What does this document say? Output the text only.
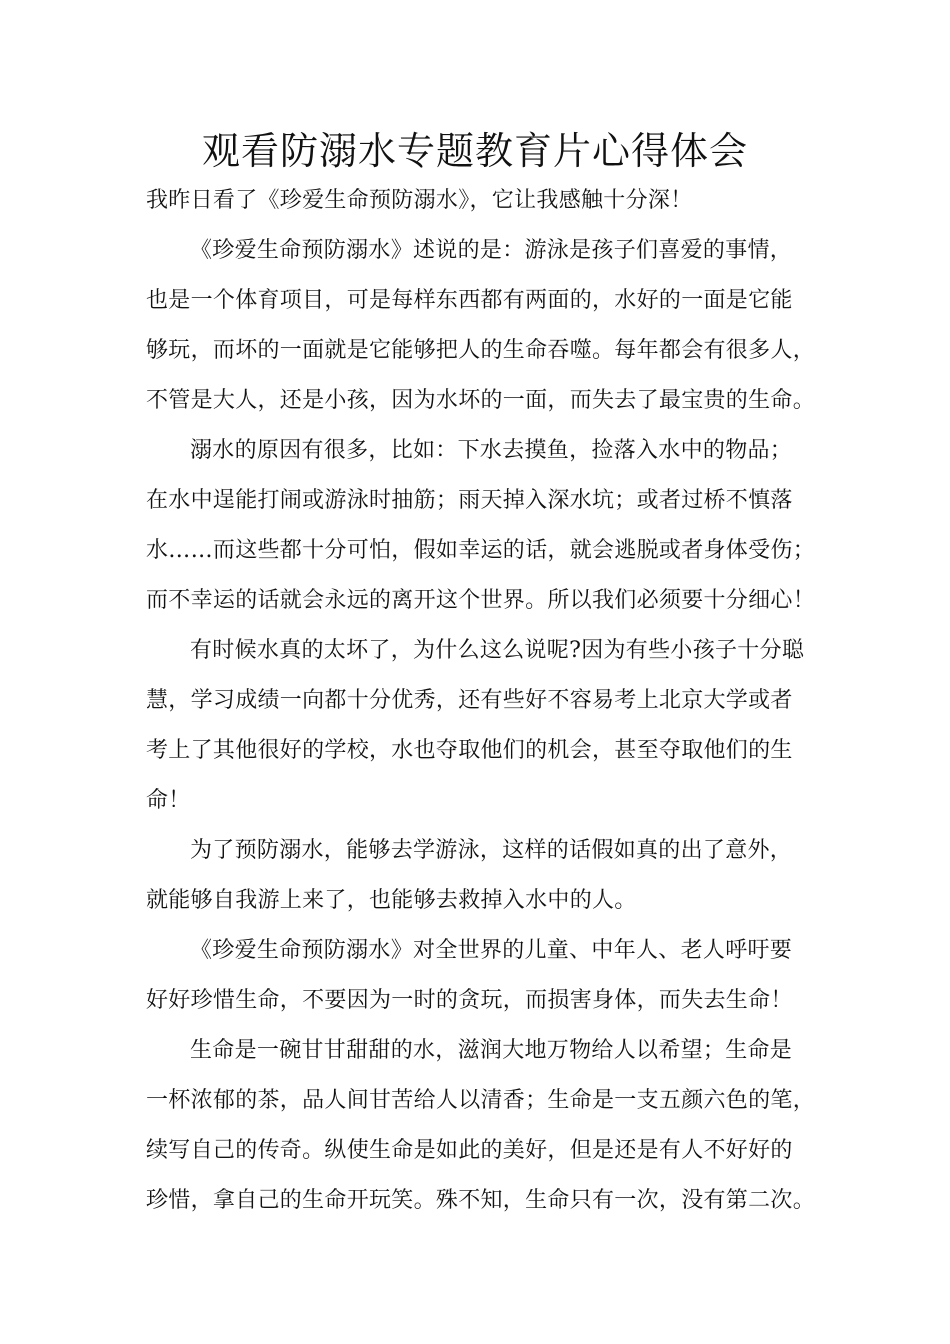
观看防溺水专题教育片心得体会
我昨日看了《珍爱生命预防溺水》，它让我感触十分深！
《珍爱生命预防溺水》述说的是：游泳是孩子们喜爱的事情，
也是一个体育项目，可是每样东西都有两面的，水好的一面是它能
够玩，而坏的一面就是它能够把人的生命吞噬。每年都会有很多人，
不管是大人，还是小孩，因为水坏的一面，而失去了最宝贵的生命。
溺水的原因有很多，比如：下水去摸鱼，捡落入水中的物品；
在水中逞能打闹或游泳时抽筋；雨天掉入深水坑；或者过桥不慎落
水……而这些都十分可怕，假如幸运的话，就会逃脱或者身体受伤；
而不幸运的话就会永远的离开这个世界。所以我们必须要十分细心！
有时候水真的太坏了，为什么这么说呢?因为有些小孩子十分聪
慧，学习成绩一向都十分优秀，还有些好不容易考上北京大学或者
考上了其他很好的学校，水也夺取他们的机会，甚至夺取他们的生
命！
为了预防溺水，能够去学游泳，这样的话假如真的出了意外，
就能够自我游上来了，也能够去救掉入水中的人。
《珍爱生命预防溺水》对全世界的儿童、中年人、老人呼吁要
好好珍惜生命，不要因为一时的贪玩，而损害身体，而失去生命！
生命是一碗甘甘甜甜的水，滋润大地万物给人以希望；生命是
一杯浓郁的茶，品人间甘苦给人以清香；生命是一支五颜六色的笔，
续写自己的传奇。纵使生命是如此的美好，但是还是有人不好好的
珍惜，拿自己的生命开玩笑。殊不知，生命只有一次，没有第二次。
